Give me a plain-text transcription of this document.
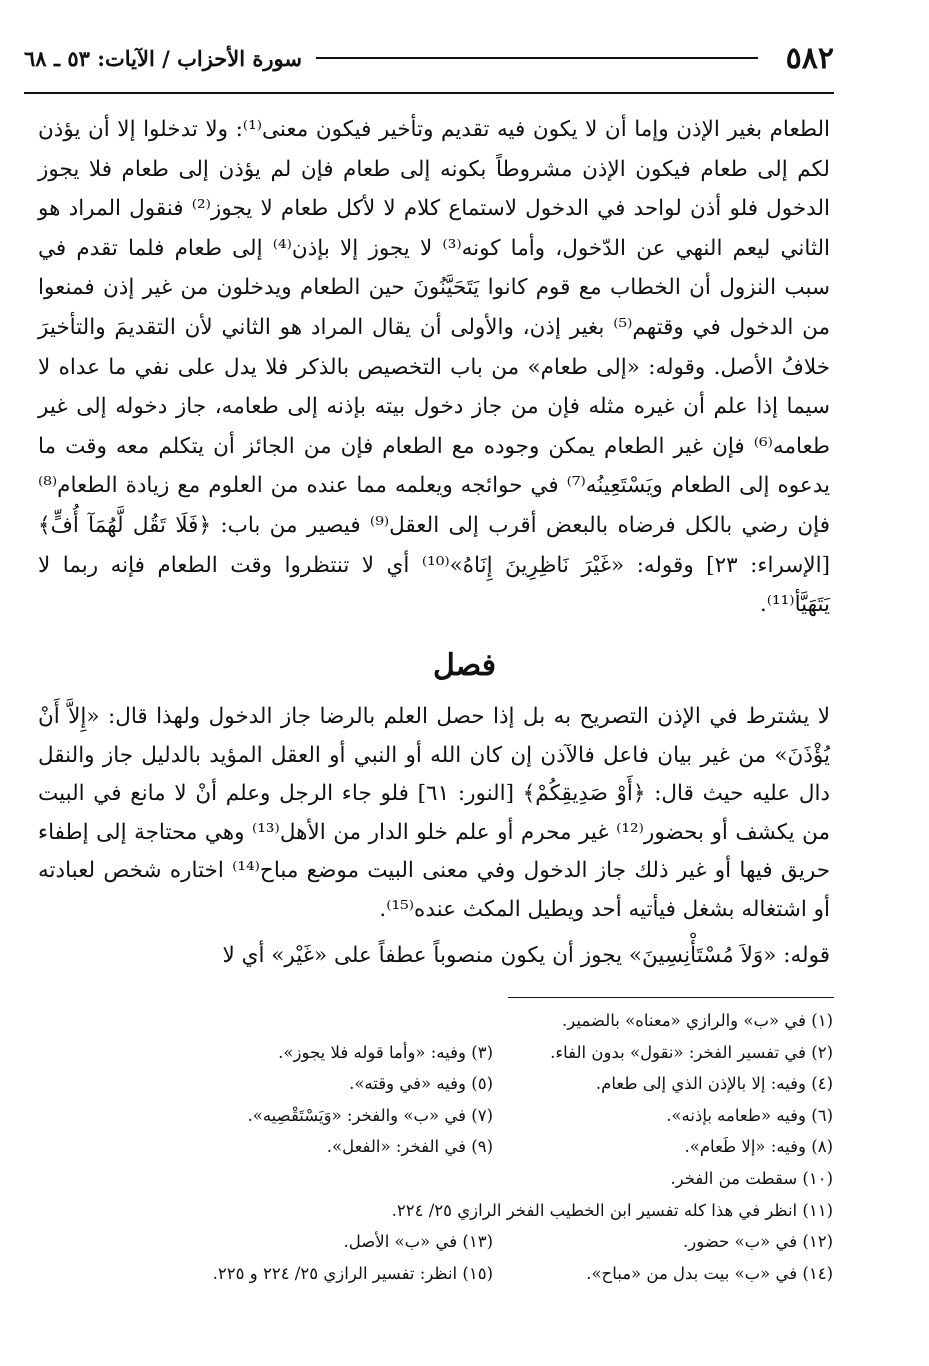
٥٨٢
سورة الأحزاب / الآيات: ٥٣ ـ ٦٨

الطعام بغير الإذن وإما أن لا يكون فيه تقديم وتأخير فيكون معنى⁽¹⁾: ولا تدخلوا إلا أن يؤذن لكم إلى طعام فيكون الإذن مشروطاً بكونه إلى طعام فإن لم يؤذن إلى طعام فلا يجوز الدخول فلو أذن لواحد في الدخول لاستماع كلام لا لأكل طعام لا يجوز⁽²⁾ فنقول المراد هو الثاني ليعم النهي عن الدّخول، وأما كونه⁽³⁾ لا يجوز إلا بإذن⁽⁴⁾ إلى طعام فلما تقدم في سبب النزول أن الخطاب مع قوم كانوا يَتَحَيَّنُونَ حين الطعام ويدخلون من غير إذن فمنعوا من الدخول في وقتهم⁽⁵⁾ بغير إذن، والأولى أن يقال المراد هو الثاني لأن التقديمَ والتأخيرَ خلافُ الأصل. وقوله: «إلى طعام» من باب التخصيص بالذكر فلا يدل على نفي ما عداه لا سيما إذا علم أن غيره مثله فإن من جاز دخول بيته بإذنه إلى طعامه، جاز دخوله إلى غير طعامه⁽⁶⁾ فإن غير الطعام يمكن وجوده مع الطعام فإن من الجائز أن يتكلم معه وقت ما يدعوه إلى الطعام ويَسْتَعِينُه⁽⁷⁾ في حوائجه ويعلمه مما عنده من العلوم مع زيادة الطعام⁽⁸⁾ فإن رضي بالكل فرضاه بالبعض أقرب إلى العقل⁽⁹⁾ فيصير من باب: ﴿فَلَا تَقُل لَّهُمَآ أُفٍّ﴾ [الإسراء: ٢٣] وقوله: «غَيْرَ نَاظِرِينَ إِنَاهُ»⁽¹⁰⁾ أي لا تنتظروا وقت الطعام فإنه ربما لا يَتَهَيَّأ⁽¹¹⁾.

فصل

لا يشترط في الإذن التصريح به بل إذا حصل العلم بالرضا جاز الدخول ولهذا قال: «إِلاَّ أَنْ يُؤْذَنَ» من غير بيان فاعل فالآذن إن كان الله أو النبي أو العقل المؤيد بالدليل جاز والنقل دال عليه حيث قال: ﴿أَوْ صَدِيقِكُمْ﴾ [النور: ٦١] فلو جاء الرجل وعلم أنْ لا مانع في البيت من يكشف أو بحضور⁽¹²⁾ غير محرم أو علم خلو الدار من الأهل⁽¹³⁾ وهي محتاجة إلى إطفاء حريق فيها أو غير ذلك جاز الدخول وفي معنى البيت موضع مباح⁽¹⁴⁾ اختاره شخص لعبادته أو اشتغاله بشغل فيأتيه أحد ويطيل المكث عنده⁽¹⁵⁾.

قوله: «وَلاَ مُسْتَأْنِسِينَ» يجوز أن يكون منصوباً عطفاً على «غَيْر» أي لا

(١) في «ب» والرازي «معناه» بالضمير.
(٢) في تفسير الفخر: «نقول» بدون الفاء.
(٣) وفيه: «وأما قوله فلا يجوز».
(٤) وفيه: إلا بالإذن الذي إلى طعام.
(٥) وفيه «في وقته».
(٦) وفيه «طعامه بإذنه».
(٧) في «ب» والفخر: «وَيَسْتَقْصِيه».
(٨) وفيه: «إلا طَعام».
(٩) في الفخر: «الفعل».
(١٠) سقطت من الفخر.
(١١) انظر في هذا كله تفسير ابن الخطيب الفخر الرازي ٢٥/ ٢٢٤.
(١٢) في «ب» حضور.
(١٣) في «ب» الأصل.
(١٤) في «ب» بيت بدل من «مباح».
(١٥) انظر: تفسير الرازي ٢٥/ ٢٢٤ و ٢٢٥.
